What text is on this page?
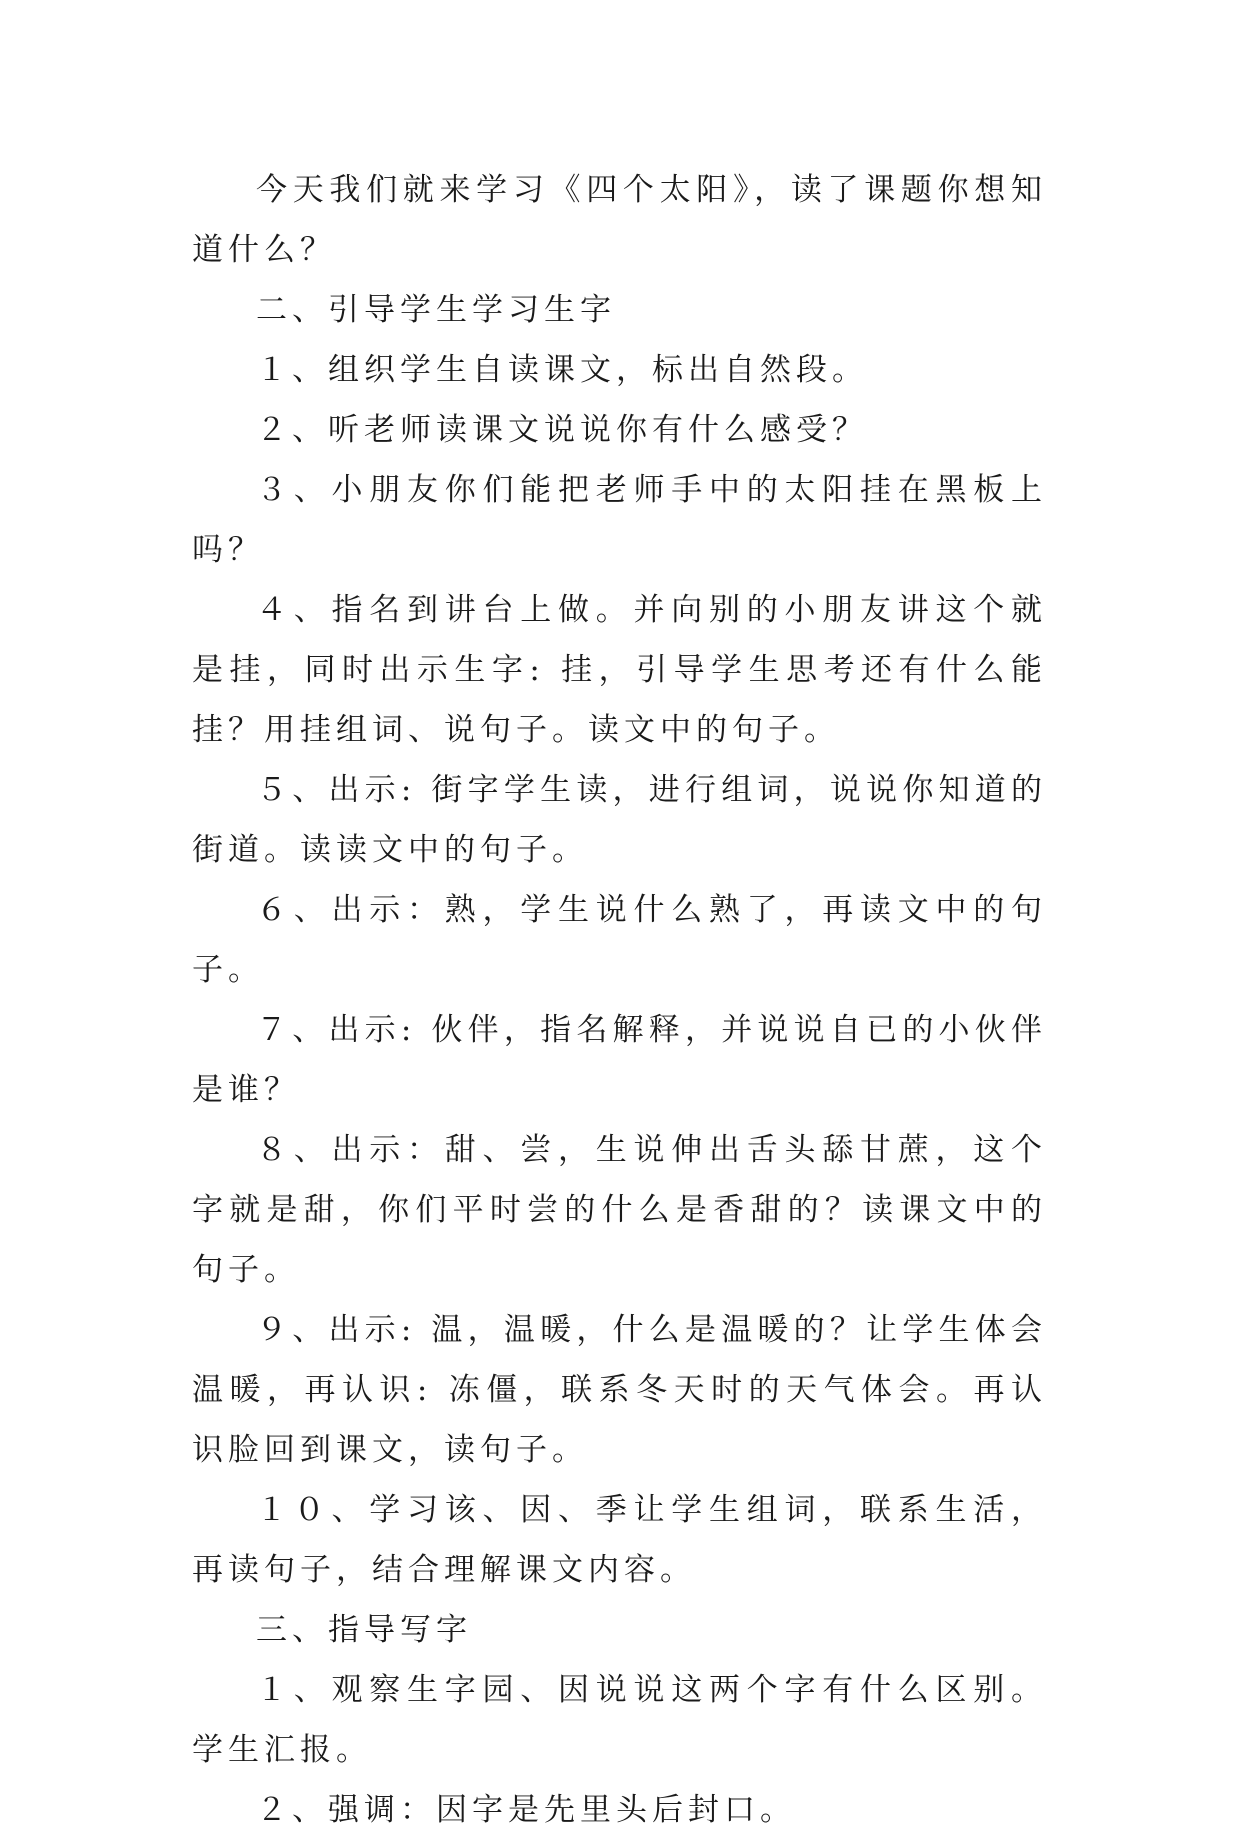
今天我们就来学习《四个太阳》，读了课题你想知道什么？

二、引导学生学习生字

１、组织学生自读课文，标出自然段。

２、听老师读课文说说你有什么感受？

３、小朋友你们能把老师手中的太阳挂在黑板上吗？

４、指名到讲台上做。并向别的小朋友讲这个就是挂，同时出示生字: 挂，引导学生思考还有什么能挂？用挂组词、说句子。读文中的句子。

５、出示: 街字学生读，进行组词，说说你知道的街道。读读文中的句子。

６、出示：熟，学生说什么熟了，再读文中的句子。

７、出示: 伙伴，指名解释，并说说自已的小伙伴是谁？

８、出示：甜、尝，生说伸出舌头舔甘蔗，这个字就是甜，你们平时尝的什么是香甜的？读课文中的句子。

９、出示: 温，温暖，什么是温暖的？让学生体会温暖，再认识: 冻僵，联系冬天时的天气体会。再认识脸回到课文，读句子。

１０、学习该、因、季让学生组词，联系生活，再读句子，结合理解课文内容。

三、指导写字

１、观察生字园、因说说这两个字有什么区别。学生汇报。

２、强调：因字是先里头后封口。
